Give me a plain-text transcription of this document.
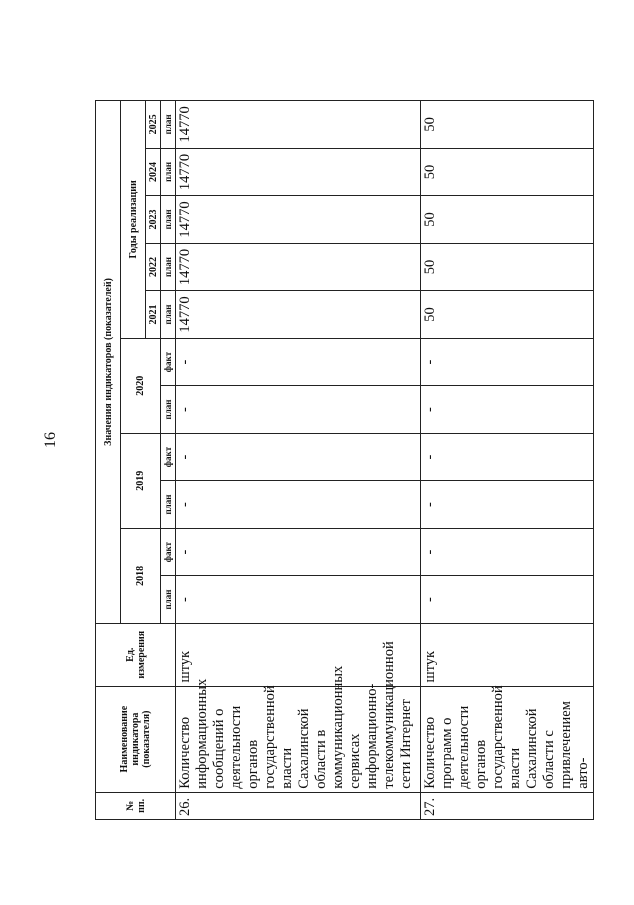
16
№ пп.	Наименование индикатора (показателя)	Ед. измерения	Значения индикаторов (показателей)										
			2018		2019		2020		Годы реализации				
									2021	2022	2023	2024	2025
			план	факт	план	факт	план	факт	план	план	план	план	план
26.	Количество информационных сообщений о деятельности органов государственной власти Сахалинской области в коммуникационных сервисах информационно-телекоммуникационной сети Интернет	штук	-	-	-	-	-	-	14770	14770	14770	14770	14770
27.	Количество программ о деятельности органов государственной власти Сахалинской области с привлечением авто-	штук	-	-	-	-	-	-	50	50	50	50	50
